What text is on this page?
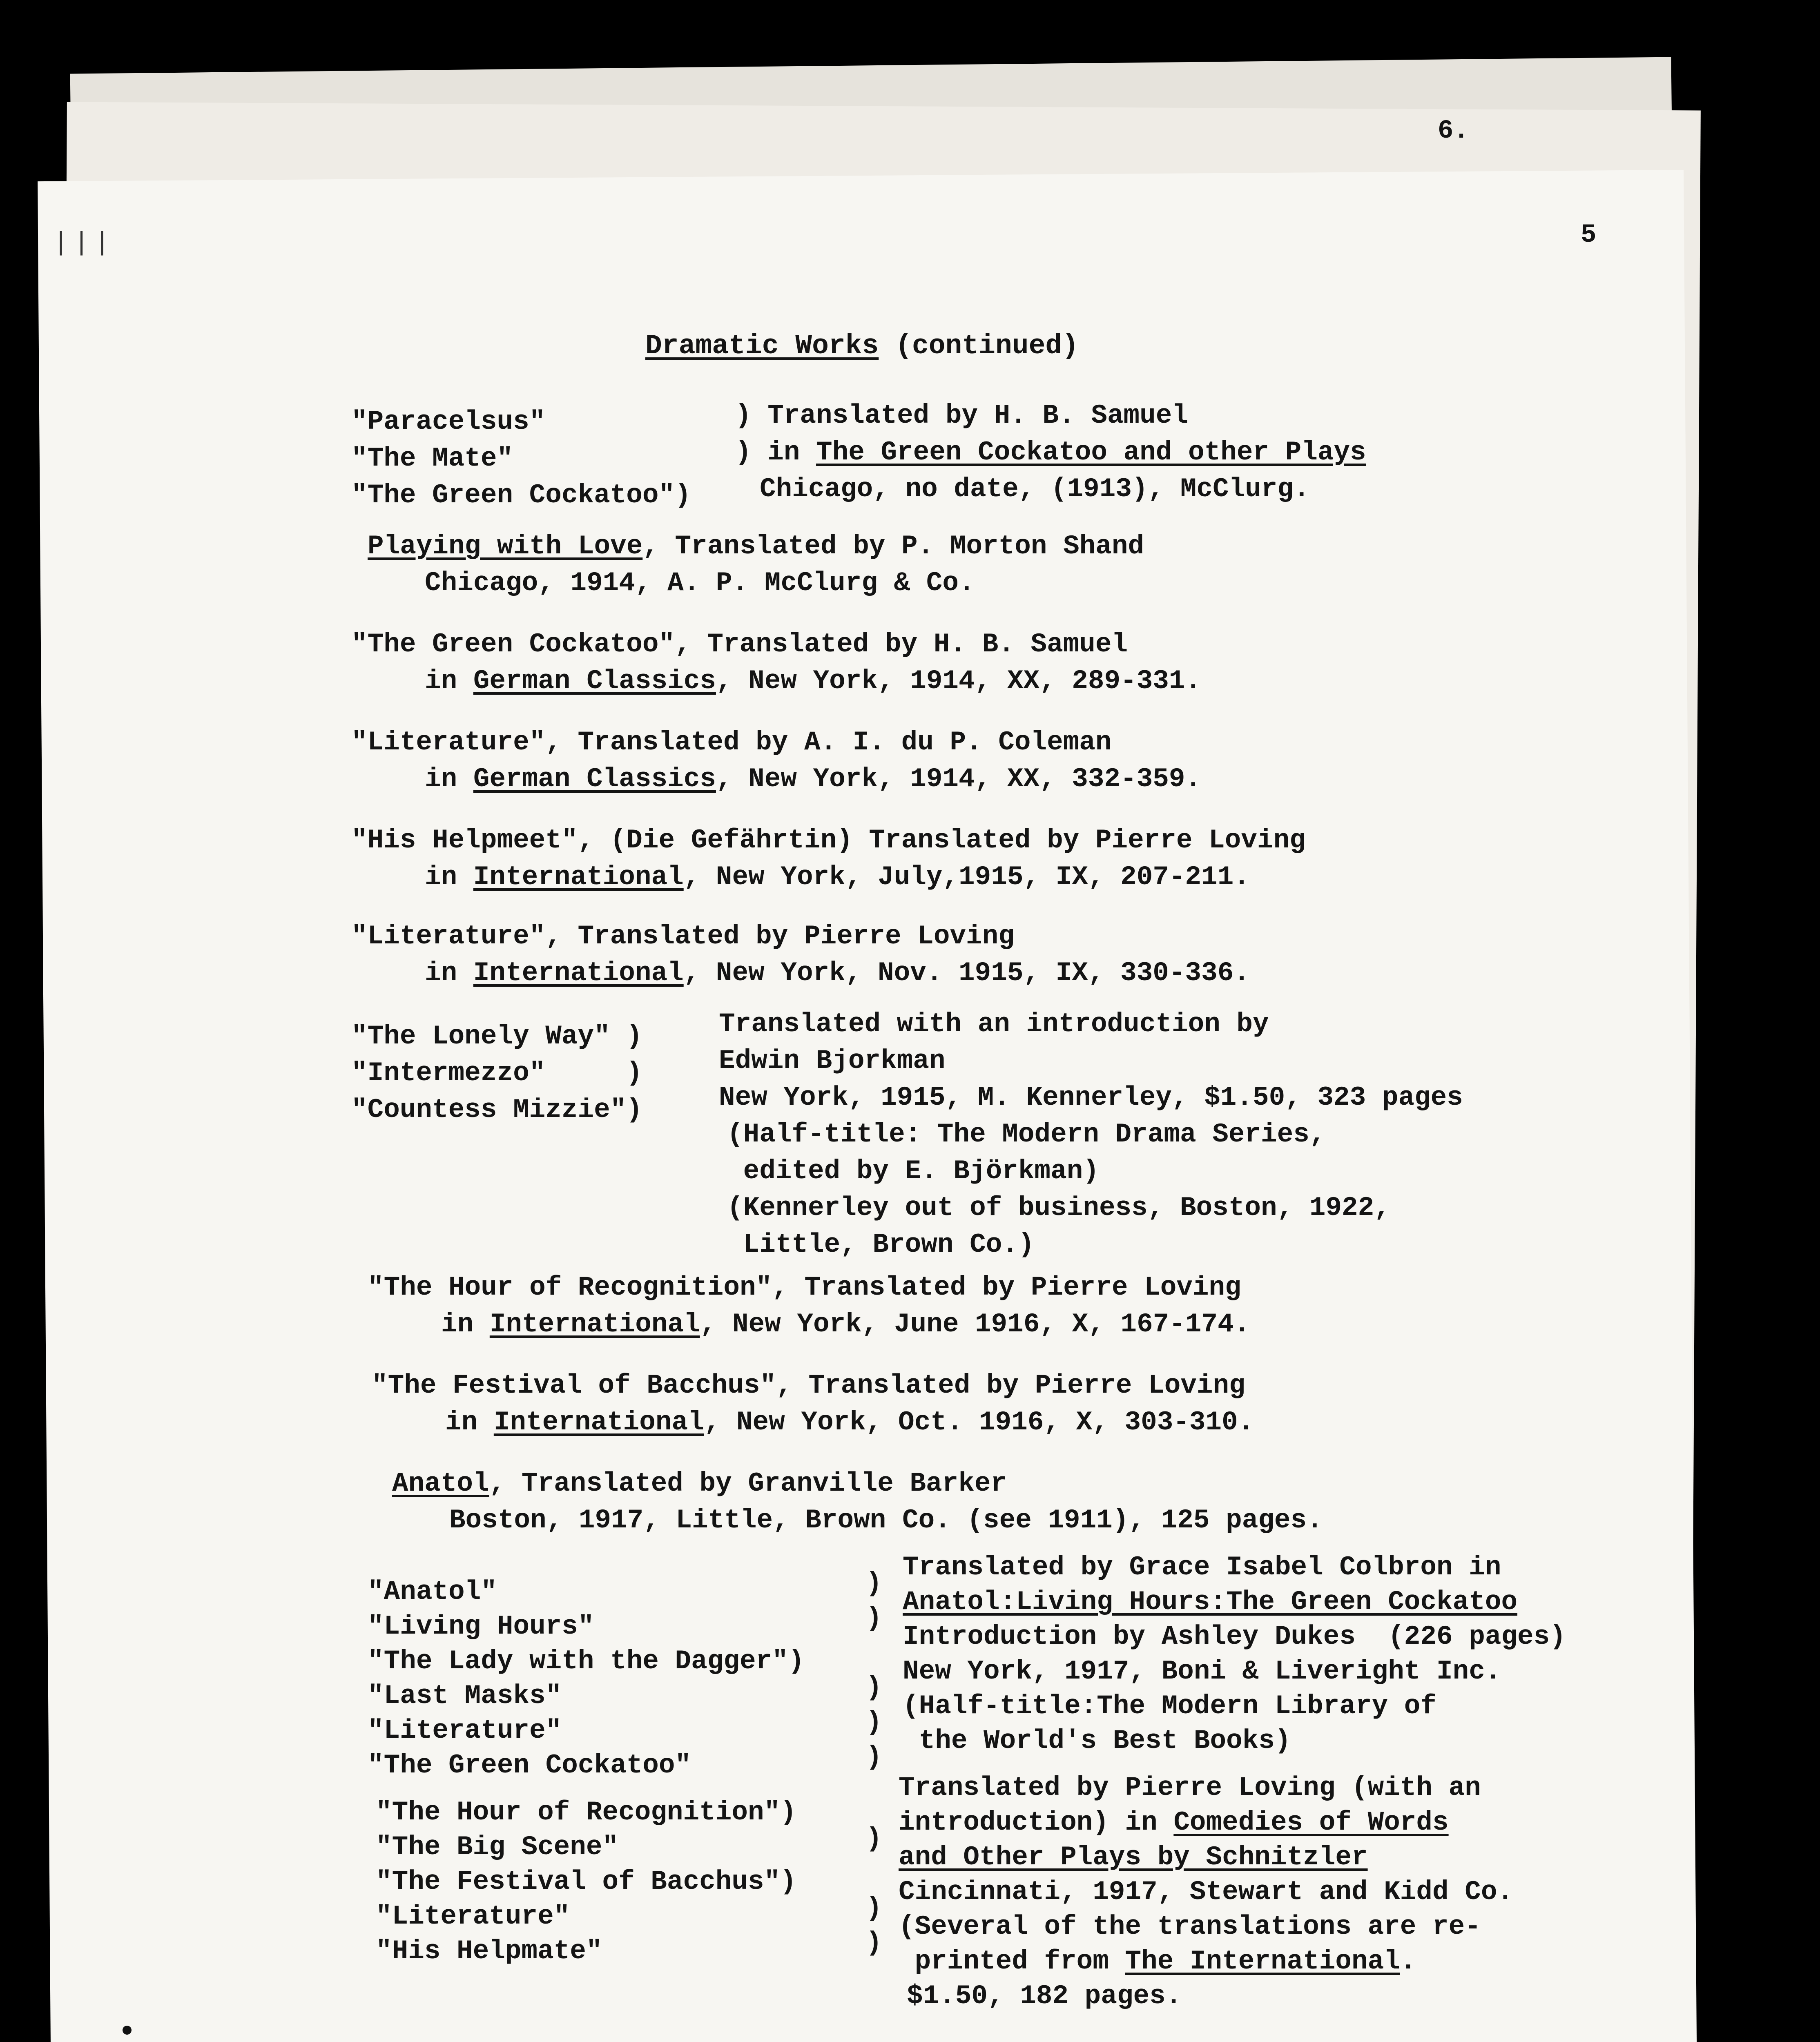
6.
5
|||
Dramatic Works (continued)
"Paracelsus"
"The Mate"
"The Green Cockatoo")
) Translated by H. B. Samuel
) in The Green Cockatoo and other Plays
Chicago, no date, (1913), McClurg.
Playing with Love, Translated by P. Morton Shand
Chicago, 1914, A. P. McClurg & Co.
"The Green Cockatoo", Translated by H. B. Samuel
in German Classics, New York, 1914, XX, 289-331.
"Literature", Translated by A. I. du P. Coleman
in German Classics, New York, 1914, XX, 332-359.
"His Helpmeet", (Die Gefährtin) Translated by Pierre Loving
in International, New York, July,1915, IX, 207-211.
"Literature", Translated by Pierre Loving
in International, New York, Nov. 1915, IX, 330-336.
"The Lonely Way" )
"Intermezzo"     )
"Countess Mizzie")
Translated with an introduction by
Edwin Bjorkman
New York, 1915, M. Kennerley, $1.50, 323 pages
(Half-title: The Modern Drama Series,
edited by E. Björkman)
(Kennerley out of business, Boston, 1922,
Little, Brown Co.)
"The Hour of Recognition", Translated by Pierre Loving
in International, New York, June 1916, X, 167-174.
"The Festival of Bacchus", Translated by Pierre Loving
in International, New York, Oct. 1916, X, 303-310.
Anatol, Translated by Granville Barker
Boston, 1917, Little, Brown Co. (see 1911), 125 pages.
"Anatol"
"Living Hours"
"The Lady with the Dagger")
"Last Masks"
"Literature"
"The Green Cockatoo"
)
)
)
)
)
Translated by Grace Isabel Colbron in
Anatol:Living Hours:The Green Cockatoo
Introduction by Ashley Dukes  (226 pages)
New York, 1917, Boni & Liveright Inc.
(Half-title:The Modern Library of
the World's Best Books)
"The Hour of Recognition")
"The Big Scene"
"The Festival of Bacchus")
"Literature"
"His Helpmate"
)
)
)
Translated by Pierre Loving (with an
introduction) in Comedies of Words
and Other Plays by Schnitzler
Cincinnati, 1917, Stewart and Kidd Co.
(Several of the translations are re-
printed from The International.
$1.50, 182 pages.
